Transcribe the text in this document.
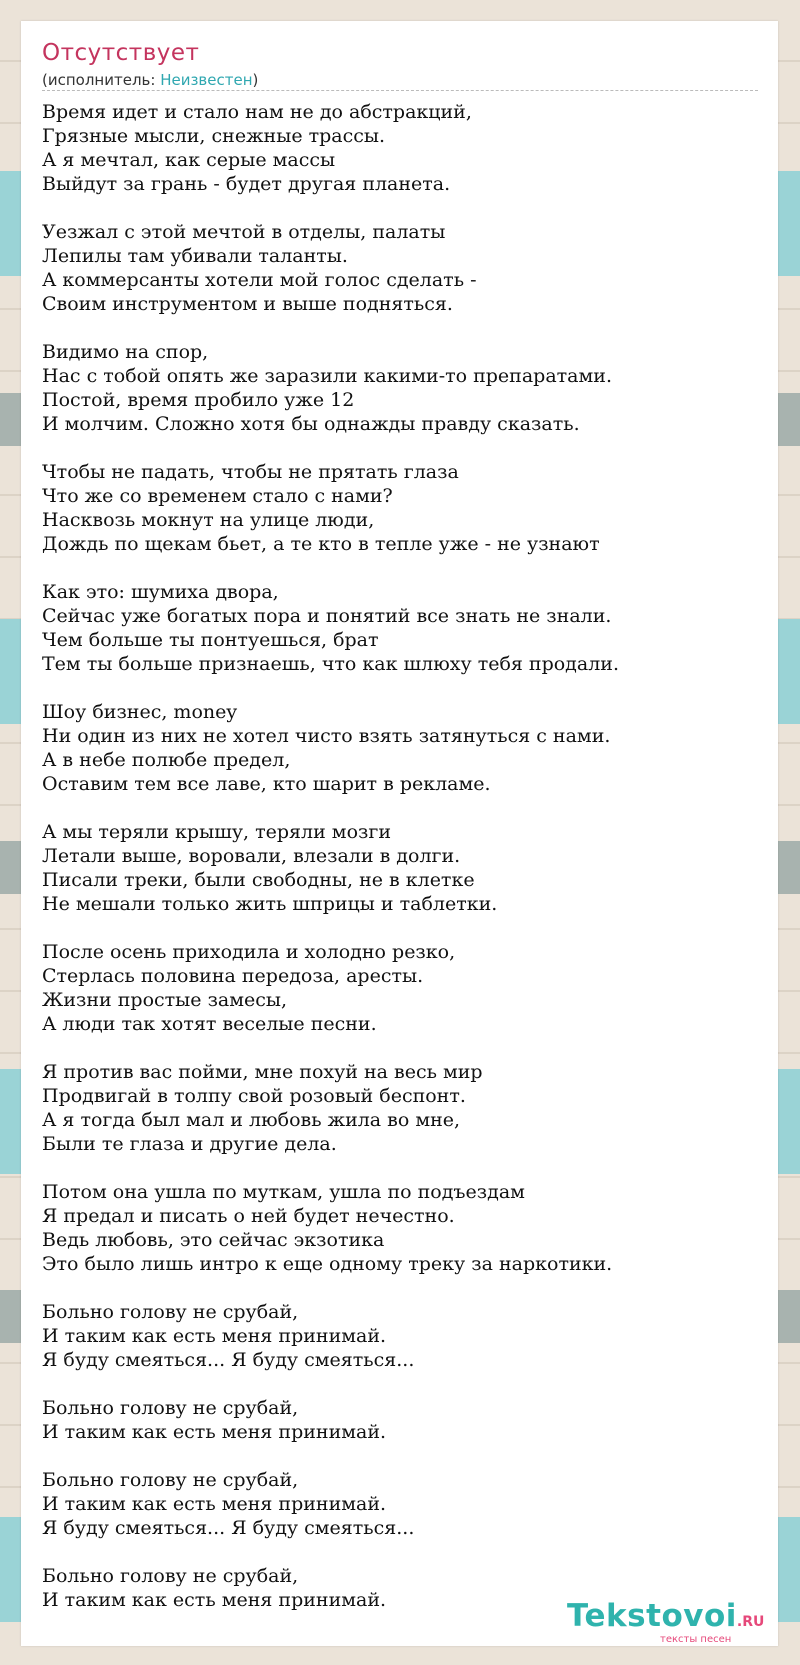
Отсутствует
(исполнитель: Неизвестен)
Время идет и стало нам не до абстракций,
Грязные мысли, снежные трассы.
А я мечтал, как серые массы
Выйдут за грань - будет другая планета.
Уезжал с этой мечтой в отделы, палаты
Лепилы там убивали таланты.
А коммерсанты хотели мой голос сделать -
Своим инструментом и выше подняться.
Видимо на спор,
Нас с тобой опять же заразили какими-то препаратами.
Постой, время пробило уже 12
И молчим. Сложно хотя бы однажды правду сказать.
Чтобы не падать, чтобы не прятать глаза
Что же со временем стало с нами?
Насквозь мокнут на улице люди,
Дождь по щекам бьет, а те кто в тепле уже - не узнают
Как это: шумиха двора,
Сейчас уже богатых пора и понятий все знать не знали.
Чем больше ты понтуешься, брат
Тем ты больше признаешь, что как шлюху тебя продали.
Шоу бизнес, money
Ни один из них не хотел чисто взять затянуться с нами.
А в небе полюбе предел,
Оставим тем все лаве, кто шарит в рекламе.
А мы теряли крышу, теряли мозги
Летали выше, воровали, влезали в долги.
Писали треки, были свободны, не в клетке
Не мешали только жить шприцы и таблетки.
После осень приходила и холодно резко,
Стерлась половина передоза, аресты.
Жизни простые замесы,
А люди так хотят веселые песни.
Я против вас пойми, мне похуй на весь мир
Продвигай в толпу свой розовый беспонт.
А я тогда был мал и любовь жила во мне,
Были те глаза и другие дела.
Потом она ушла по муткам, ушла по подъездам
Я предал и писать о ней будет нечестно.
Ведь любовь, это сейчас экзотика
Это было лишь интро к еще одному треку за наркотики.
Больно голову не срубай,
И таким как есть меня принимай.
Я буду смеяться... Я буду смеяться...
Больно голову не срубай,
И таким как есть меня принимай.
Больно голову не срубай,
И таким как есть меня принимай.
Я буду смеяться... Я буду смеяться...
Больно голову не срубай,
И таким как есть меня принимай.	Tekstovoi.RU
тексты песен
